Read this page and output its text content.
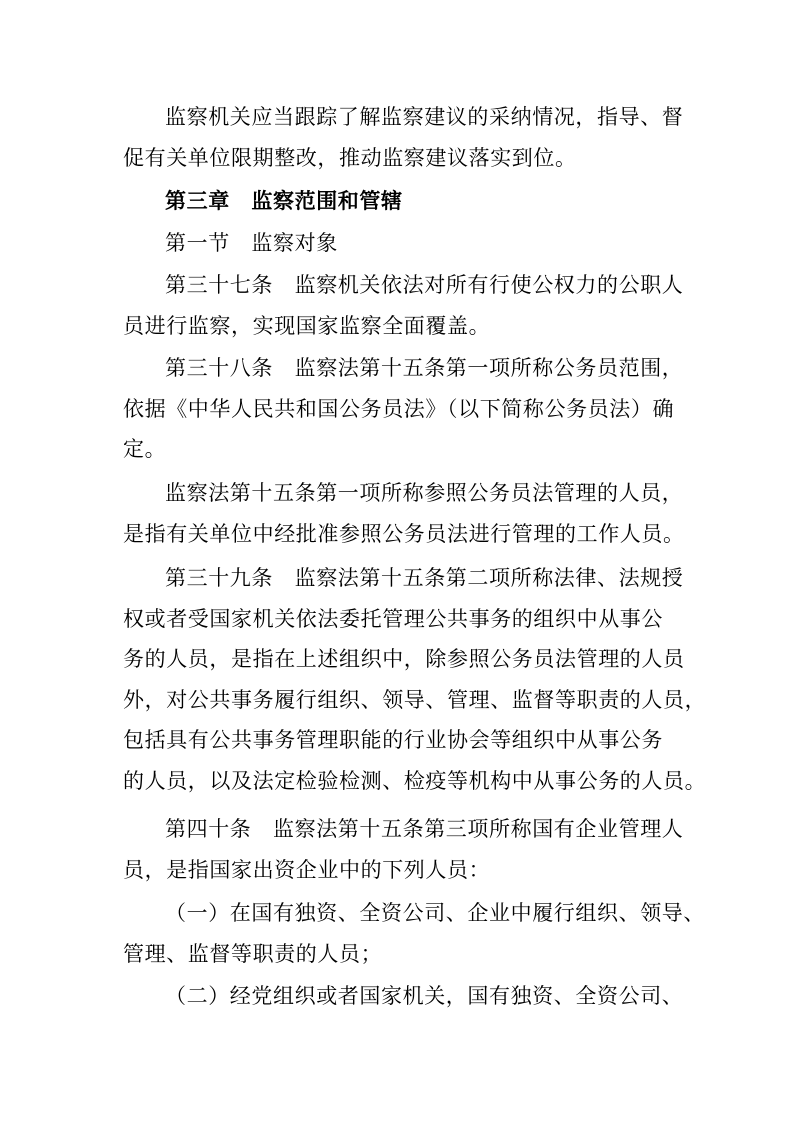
监察机关应当跟踪了解监察建议的采纳情况，指导、督
促有关单位限期整改，推动监察建议落实到位。

第三章　监察范围和管辖

第一节　监察对象

第三十七条　监察机关依法对所有行使公权力的公职人
员进行监察，实现国家监察全面覆盖。

第三十八条　监察法第十五条第一项所称公务员范围，
依据《中华人民共和国公务员法》（以下简称公务员法）确
定。

监察法第十五条第一项所称参照公务员法管理的人员，
是指有关单位中经批准参照公务员法进行管理的工作人员。

第三十九条　监察法第十五条第二项所称法律、法规授
权或者受国家机关依法委托管理公共事务的组织中从事公
务的人员，是指在上述组织中，除参照公务员法管理的人员
外，对公共事务履行组织、领导、管理、监督等职责的人员，
包括具有公共事务管理职能的行业协会等组织中从事公务
的人员，以及法定检验检测、检疫等机构中从事公务的人员。

第四十条　监察法第十五条第三项所称国有企业管理人
员，是指国家出资企业中的下列人员：

（一）在国有独资、全资公司、企业中履行组织、领导、
管理、监督等职责的人员；

（二）经党组织或者国家机关，国有独资、全资公司、
